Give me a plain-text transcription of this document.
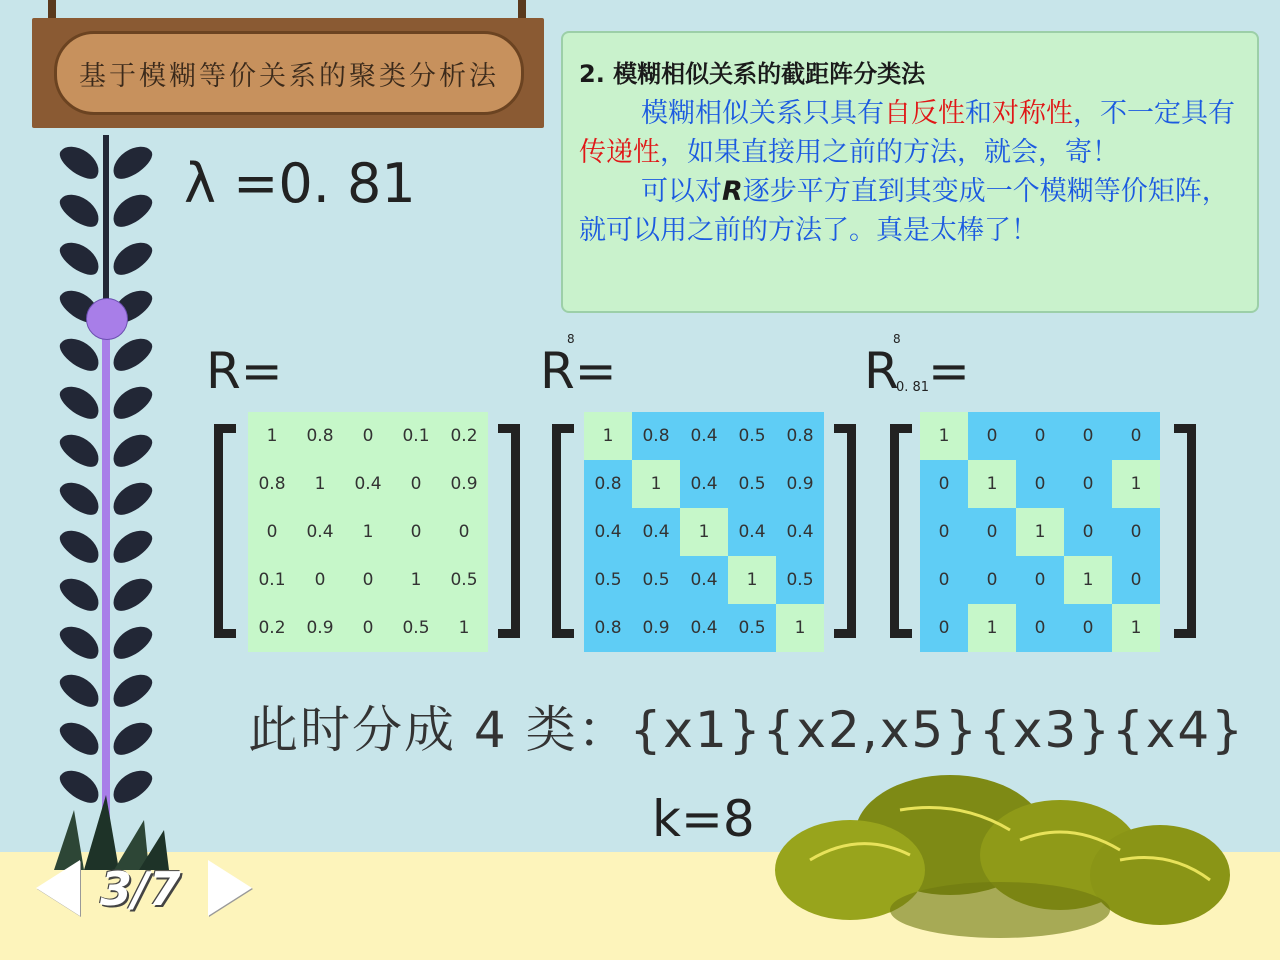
基于模糊等价关系的聚类分析法	2. 模糊相似关系的截距阵分类法

模糊相似关系只具有自反性和对称性，不一定具有传递性，如果直接用之前的方法，就会，寄！

可以对R逐步平方直到其变成一个模糊等价矩阵，就可以用之前的方法了。真是太棒了！

λ =0. 81
R=	R=
8
R
8
0. 81
=
1	0.8	0	0.1	0.2
0.8	1	0.4	0	0.9
0	0.4	1	0	0
0.1	0	0	1	0.5
0.2	0.9	0	0.5	1
1	0.8	0.4	0.5	0.8
0.8	1	0.4	0.5	0.9
0.4	0.4	1	0.4	0.4
0.5	0.5	0.4	1	0.5
0.8	0.9	0.4	0.5	1
1	0	0	0	0
0	1	0	0	1
0	0	1	0	0
0	0	0	1	0
0	1	0	0	1
此时分成 4 类：{x1}{x2,x5}{x3}{x4}
k=8
3/7
